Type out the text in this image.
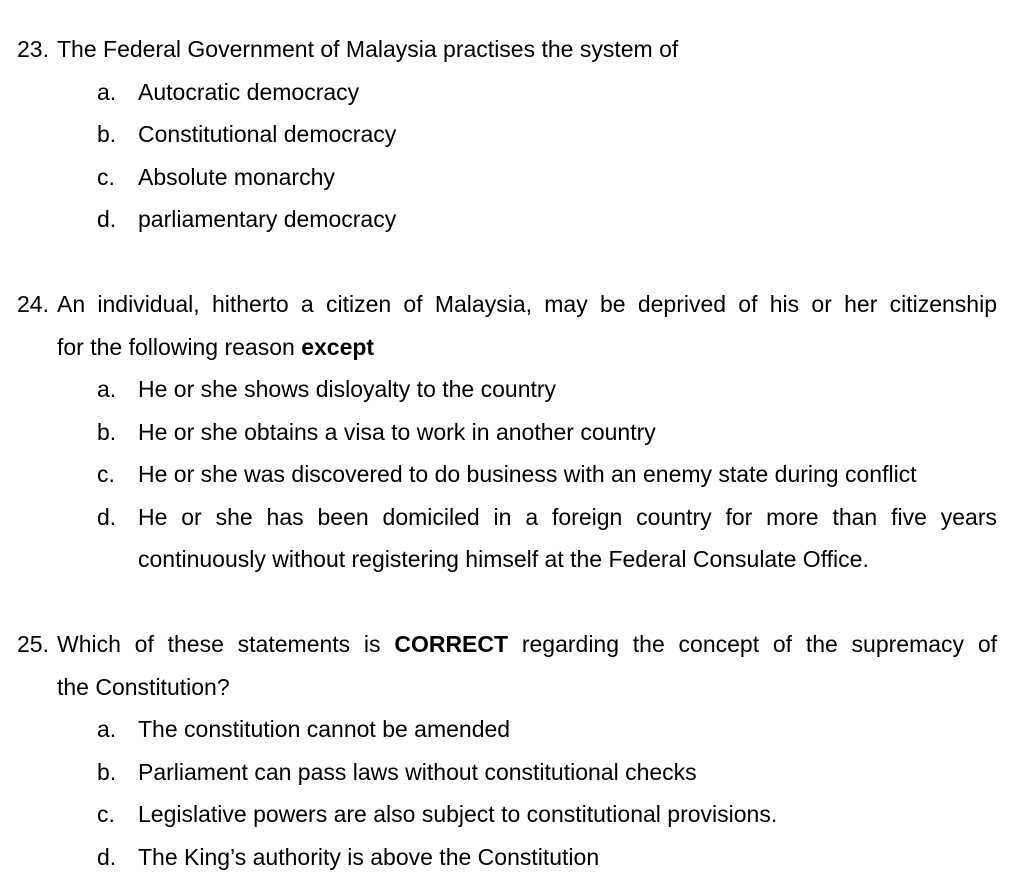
23. The Federal Government of Malaysia practises the system of
a. Autocratic democracy
b. Constitutional democracy
c. Absolute monarchy
d. parliamentary democracy
24. An individual, hitherto a citizen of Malaysia, may be deprived of his or her citizenship
for the following reason except
a. He or she shows disloyalty to the country
b. He or she obtains a visa to work in another country
c. He or she was discovered to do business with an enemy state during conflict
d. He or she has been domiciled in a foreign country for more than five years
continuously without registering himself at the Federal Consulate Office.
25. Which of these statements is CORRECT regarding the concept of the supremacy of
the Constitution?
a. The constitution cannot be amended
b. Parliament can pass laws without constitutional checks
c. Legislative powers are also subject to constitutional provisions.
d. The King’s authority is above the Constitution
